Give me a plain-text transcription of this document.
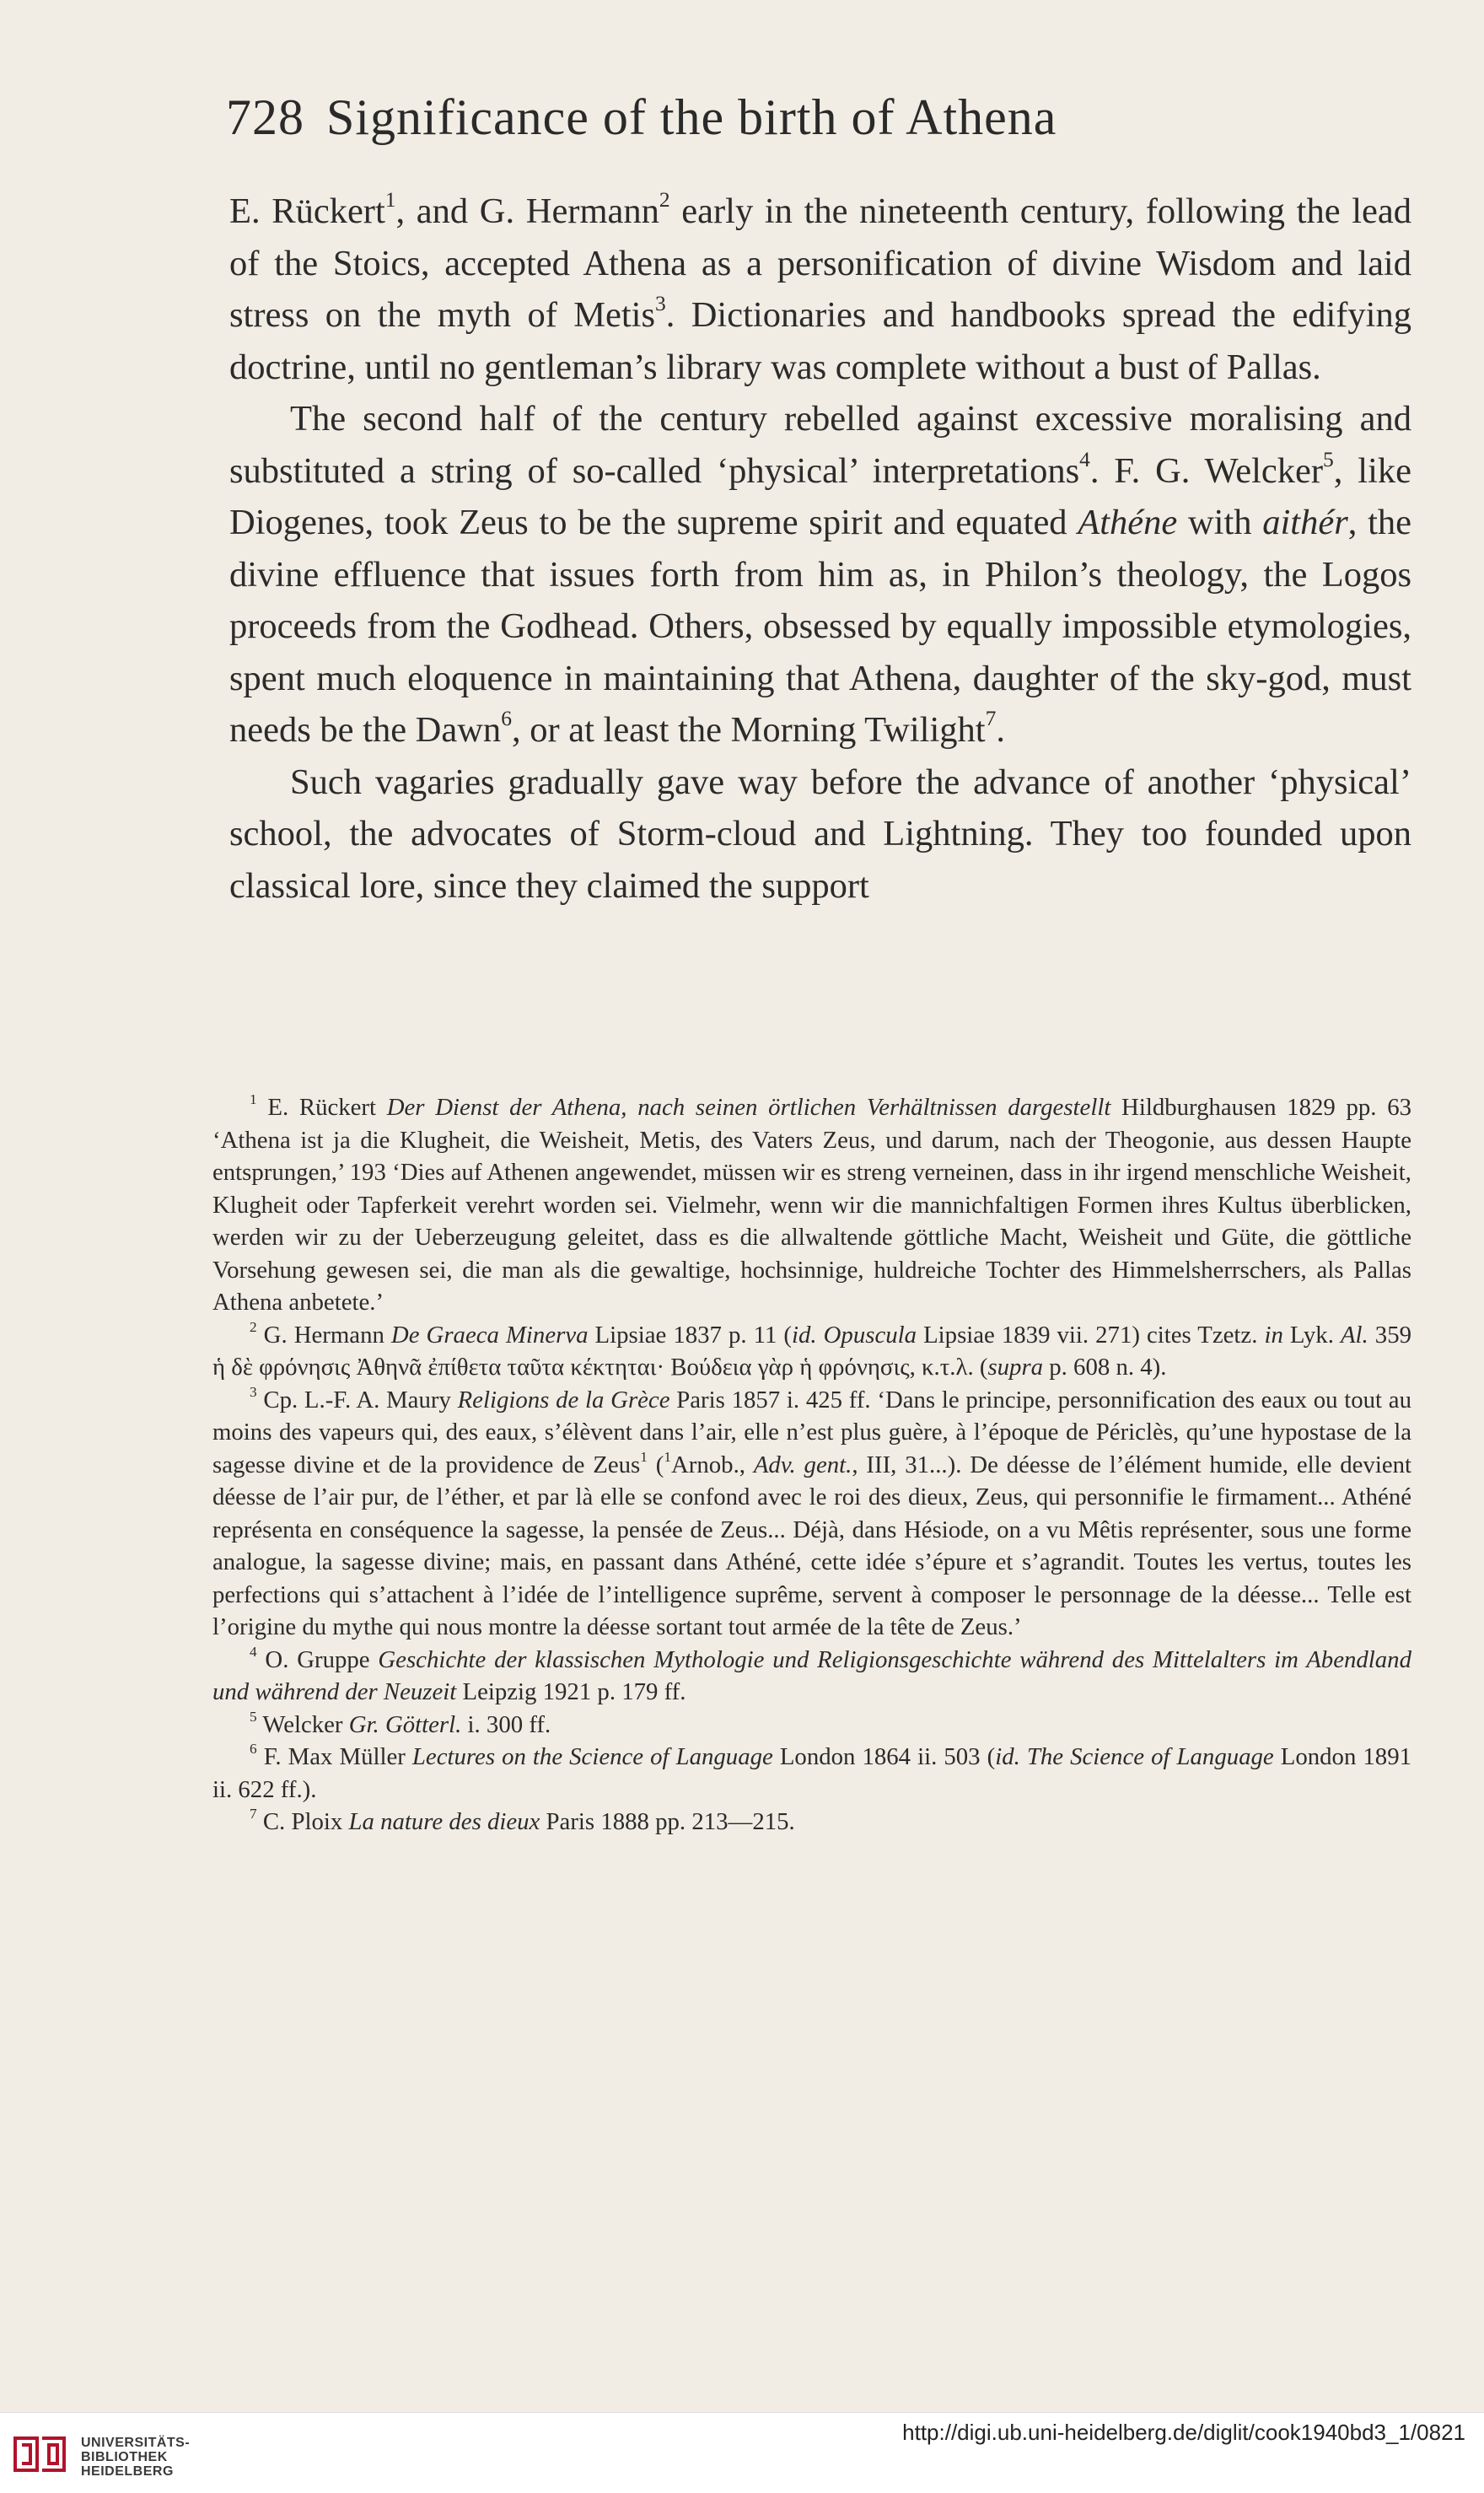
728 Significance of the birth of Athena

E. Rückert$^1$, and G. Hermann$^2$ early in the nineteenth century, following the lead of the Stoics, accepted Athena as a personification of divine Wisdom and laid stress on the myth of Metis$^3$. Dictionaries and handbooks spread the edifying doctrine, until no gentleman’s library was complete without a bust of Pallas.

The second half of the century rebelled against excessive moralising and substituted a string of so-called ‘physical’ interpretations$^4$. F. G. Welcker$^5$, like Diogenes, took Zeus to be the supreme spirit and equated Athéne with aithér, the divine effluence that issues forth from him as, in Philon’s theology, the Logos proceeds from the Godhead. Others, obsessed by equally impossible etymologies, spent much eloquence in maintaining that Athena, daughter of the sky-god, must needs be the Dawn$^6$, or at least the Morning Twilight$^7$.

Such vagaries gradually gave way before the advance of another ‘physical’ school, the advocates of Storm-cloud and Lightning. They too founded upon classical lore, since they claimed the support

$^1$ E. Rückert Der Dienst der Athena, nach seinen örtlichen Verhältnissen dargestellt Hildburghausen 1829 pp. 63 ‘Athena ist ja die Klugheit, die Weisheit, Metis, des Vaters Zeus, und darum, nach der Theogonie, aus dessen Haupte entsprungen,’ 193 ‘Dies auf Athenen angewendet, müssen wir es streng verneinen, dass in ihr irgend menschliche Weisheit, Klugheit oder Tapferkeit verehrt worden sei. Vielmehr, wenn wir die mannichfaltigen Formen ihres Kultus überblicken, werden wir zu der Ueberzeugung geleitet, dass es die allwaltende göttliche Macht, Weisheit und Güte, die göttliche Vorsehung gewesen sei, die man als die gewaltige, hochsinnige, huldreiche Tochter des Himmelsherrschers, als Pallas Athena anbetete.’

$^2$ G. Hermann De Graeca Minerva Lipsiae 1837 p. 11 (id. Opuscula Lipsiae 1839 vii. 271) cites Tzetz. in Lyk. Al. 359 ἡ δὲ φρόνησις Ἀθηνᾶ ἐπίθετα ταῦτα κέκτηται· Βούδεια γὰρ ἡ φρόνησις, κ.τ.λ. (supra p. 608 n. 4).

$^3$ Cp. L.-F. A. Maury Religions de la Grèce Paris 1857 i. 425 ff. ‘Dans le principe, personnification des eaux ou tout au moins des vapeurs qui, des eaux, s’élèvent dans l’air, elle n’est plus guère, à l’époque de Périclès, qu’une hypostase de la sagesse divine et de la providence de Zeus$^1$ ($^1$Arnob., Adv. gent., III, 31...). De déesse de l’élément humide, elle devient déesse de l’air pur, de l’éther, et par là elle se confond avec le roi des dieux, Zeus, qui personnifie le firmament... Athéné représenta en conséquence la sagesse, la pensée de Zeus... Déjà, dans Hésiode, on a vu Mêtis représenter, sous une forme analogue, la sagesse divine; mais, en passant dans Athéné, cette idée s’épure et s’agrandit. Toutes les vertus, toutes les perfections qui s’attachent à l’idée de l’intelligence suprême, servent à composer le personnage de la déesse... Telle est l’origine du mythe qui nous montre la déesse sortant tout armée de la tête de Zeus.’

$^4$ O. Gruppe Geschichte der klassischen Mythologie und Religionsgeschichte während des Mittelalters im Abendland und während der Neuzeit Leipzig 1921 p. 179 ff.

$^5$ Welcker Gr. Götterl. i. 300 ff.

$^6$ F. Max Müller Lectures on the Science of Language London 1864 ii. 503 (id. The Science of Language London 1891 ii. 622 ff.).

$^7$ C. Ploix La nature des dieux Paris 1888 pp. 213—215.

UNIVERSITÄTS-
BIBLIOTHEK
HEIDELBERG
http://digi.ub.uni-heidelberg.de/diglit/cook1940bd3_1/0821
